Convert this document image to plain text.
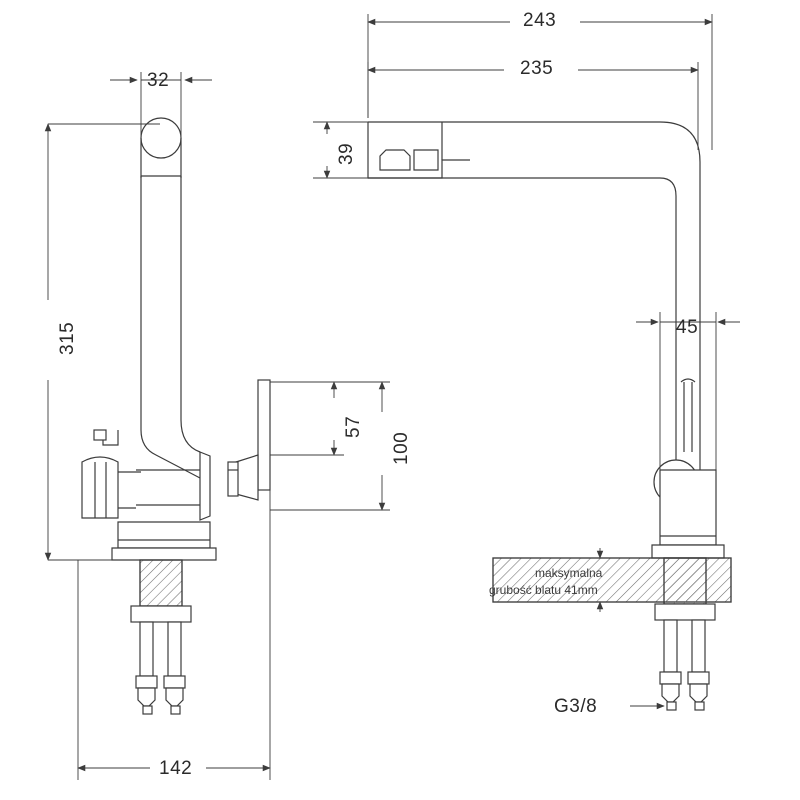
32
315
142
57
100
243
235
39
45
G3/8
maksymalna
grubość blatu 41mm
